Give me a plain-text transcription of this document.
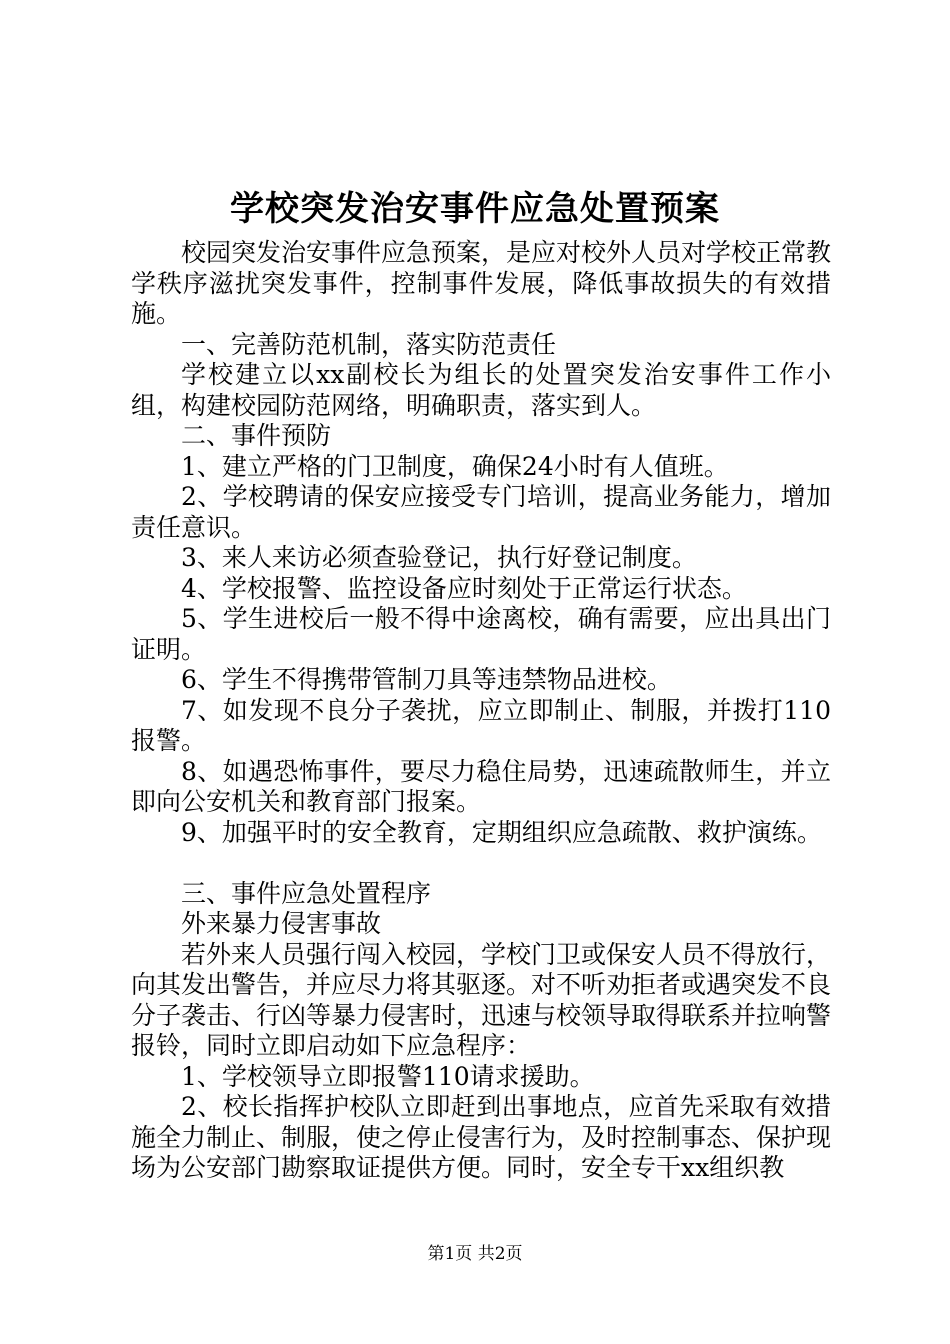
学校突发治安事件应急处置预案

校园突发治安事件应急预案，是应对校外人员对学校正常教学秩序滋扰突发事件，控制事件发展，降低事故损失的有效措施。

一、完善防范机制，落实防范责任

学校建立以xx副校长为组长的处置突发治安事件工作小组，构建校园防范网络，明确职责，落实到人。

二、事件预防

1、建立严格的门卫制度，确保24小时有人值班。

2、学校聘请的保安应接受专门培训，提高业务能力，增加责任意识。

3、来人来访必须查验登记，执行好登记制度。

4、学校报警、监控设备应时刻处于正常运行状态。

5、学生进校后一般不得中途离校，确有需要，应出具出门证明。

6、学生不得携带管制刀具等违禁物品进校。

7、如发现不良分子袭扰，应立即制止、制服，并拨打110报警。

8、如遇恐怖事件，要尽力稳住局势，迅速疏散师生，并立即向公安机关和教育部门报案。

9、加强平时的安全教育，定期组织应急疏散、救护演练。

三、事件应急处置程序

外来暴力侵害事故

若外来人员强行闯入校园，学校门卫或保安人员不得放行，向其发出警告，并应尽力将其驱逐。对不听劝拒者或遇突发不良分子袭击、行凶等暴力侵害时，迅速与校领导取得联系并拉响警报铃，同时立即启动如下应急程序：

1、学校领导立即报警110请求援助。

2、校长指挥护校队立即赶到出事地点，应首先采取有效措施全力制止、制服，使之停止侵害行为，及时控制事态、保护现场为公安部门勘察取证提供方便。同时，安全专干xx组织教

第1页 共2页
